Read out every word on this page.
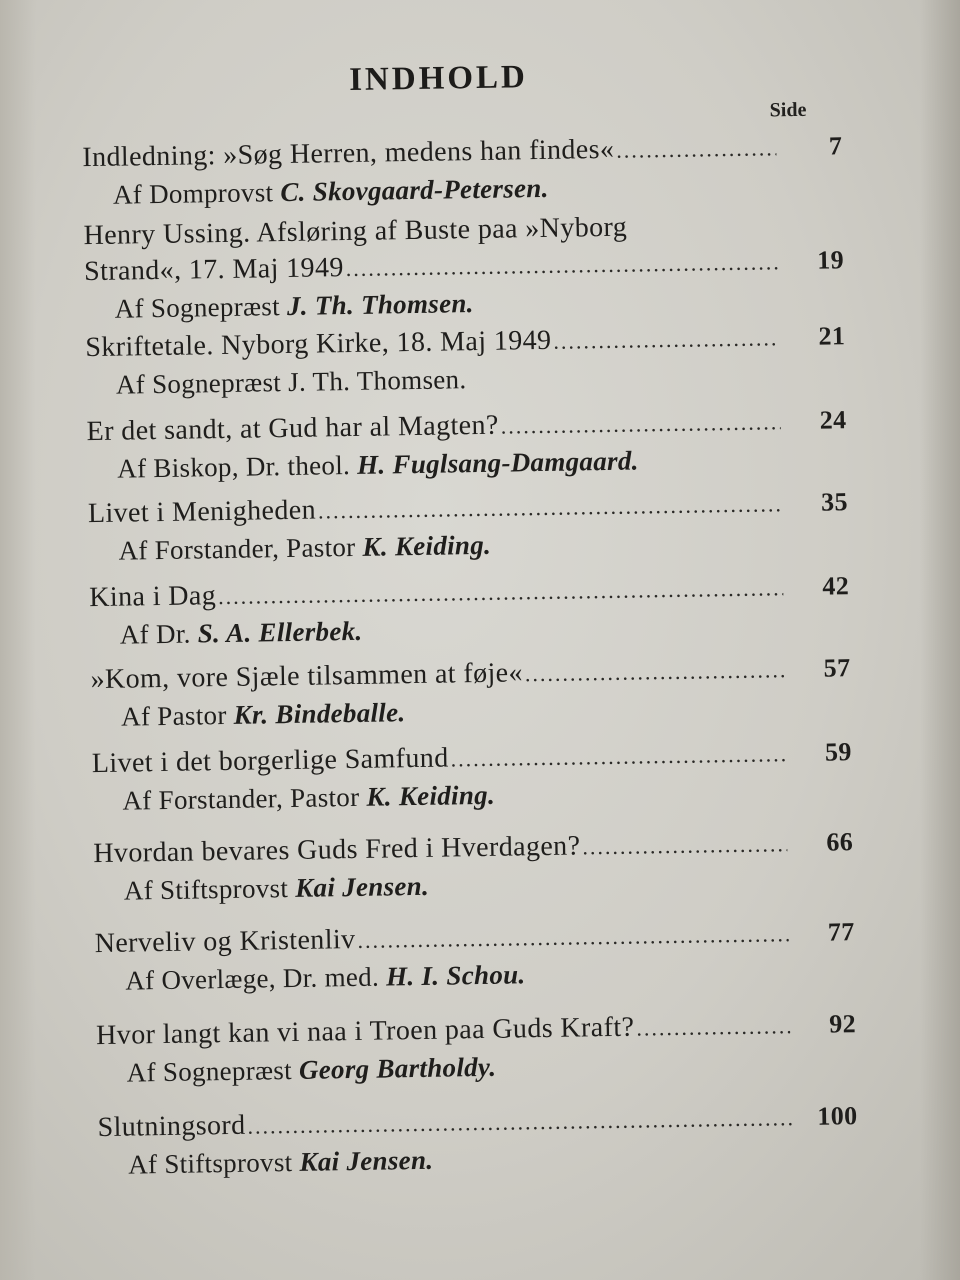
INDHOLD
Side
Indledning: »Søg Herren, medens han findes« .....	7
Af Domprovst C. Skovgaard-Petersen.
Henry Ussing. Afsløring af Buste paa »Nyborg
Strand«, 17. Maj 1949 .....	19
Af Sognepræst J. Th. Thomsen.
Skriftetale. Nyborg Kirke, 18. Maj 1949 .....	21
Af Sognepræst J. Th. Thomsen.
Er det sandt, at Gud har al Magten? .....	24
Af Biskop, Dr. theol. H. Fuglsang-Damgaard.
Livet i Menigheden .....	35
Af Forstander, Pastor K. Keiding.
Kina i Dag .....	42
Af Dr. S. A. Ellerbek.
»Kom, vore Sjæle tilsammen at føje« .....	57
Af Pastor Kr. Bindeballe.
Livet i det borgerlige Samfund .....	59
Af Forstander, Pastor K. Keiding.
Hvordan bevares Guds Fred i Hverdagen? .....	66
Af Stiftsprovst Kai Jensen.
Nerveliv og Kristenliv .....	77
Af Overlæge, Dr. med. H. I. Schou.
Hvor langt kan vi naa i Troen paa Guds Kraft? .....	92
Af Sognepræst Georg Bartholdy.
Slutningsord .....	100
Af Stiftsprovst Kai Jensen.
